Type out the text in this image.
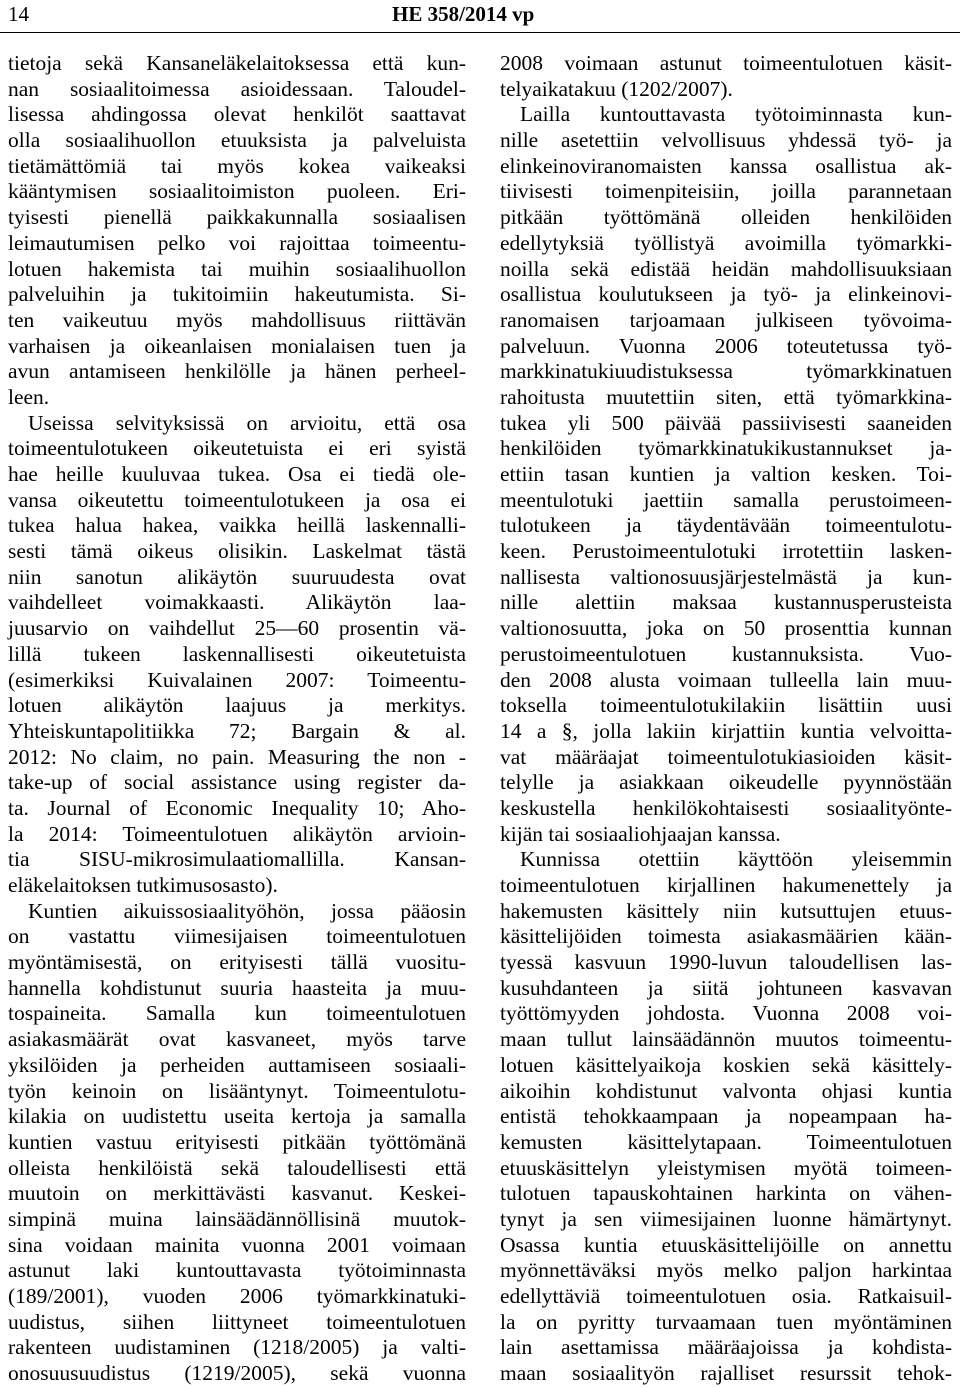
14	HE 358/2014 vp
tietoja sekä Kansaneläkelaitoksessa että kun-
nan sosiaalitoimessa asioidessaan. Taloudel-
lisessa ahdingossa olevat henkilöt saattavat
olla sosiaalihuollon etuuksista ja palveluista
tietämättömiä tai myös kokea vaikeaksi
kääntymisen sosiaalitoimiston puoleen. Eri-
tyisesti pienellä paikkakunnalla sosiaalisen
leimautumisen pelko voi rajoittaa toimeentu-
lotuen hakemista tai muihin sosiaalihuollon
palveluihin ja tukitoimiin hakeutumista. Si-
ten vaikeutuu myös mahdollisuus riittävän
varhaisen ja oikeanlaisen monialaisen tuen ja
avun antamiseen henkilölle ja hänen perheel-
leen.
Useissa selvityksissä on arvioitu, että osa
toimeentulotukeen oikeutetuista ei eri syistä
hae heille kuuluvaa tukea. Osa ei tiedä ole-
vansa oikeutettu toimeentulotukeen ja osa ei
tukea halua hakea, vaikka heillä laskennalli-
sesti tämä oikeus olisikin. Laskelmat tästä
niin sanotun alikäytön suuruudesta ovat
vaihdelleet voimakkaasti. Alikäytön laa-
juusarvio on vaihdellut 25—60 prosentin vä-
lillä tukeen laskennallisesti oikeutetuista
(esimerkiksi Kuivalainen 2007: Toimeentu-
lotuen alikäytön laajuus ja merkitys.
Yhteiskuntapolitiikka 72; Bargain & al.
2012: No claim, no pain. Measuring the non -
take-up of social assistance using register da-
ta. Journal of Economic Inequality 10; Aho-
la 2014: Toimeentulotuen alikäytön arvioin-
tia SISU-mikrosimulaatiomallilla. Kansan-
eläkelaitoksen tutkimusosasto).
Kuntien aikuissosiaalityöhön, jossa pääosin
on vastattu viimesijaisen toimeentulotuen
myöntämisestä, on erityisesti tällä vuositu-
hannella kohdistunut suuria haasteita ja muu-
tospaineita. Samalla kun toimeentulotuen
asiakasmäärät ovat kasvaneet, myös tarve
yksilöiden ja perheiden auttamiseen sosiaali-
työn keinoin on lisääntynyt. Toimeentulotu-
kilakia on uudistettu useita kertoja ja samalla
kuntien vastuu erityisesti pitkään työttömänä
olleista henkilöistä sekä taloudellisesti että
muutoin on merkittävästi kasvanut. Keskei-
simpinä muina lainsäädännöllisinä muutok-
sina voidaan mainita vuonna 2001 voimaan
astunut laki kuntouttavasta työtoiminnasta
(189/2001), vuoden 2006 työmarkkinatuki-
uudistus, siihen liittyneet toimeentulotuen
rakenteen uudistaminen (1218/2005) ja valti-
onosuusuudistus (1219/2005), sekä vuonna
2008 voimaan astunut toimeentulotuen käsit-
telyaikatakuu (1202/2007).
Lailla kuntouttavasta työtoiminnasta kun-
nille asetettiin velvollisuus yhdessä työ- ja
elinkeinoviranomaisten kanssa osallistua ak-
tiivisesti toimenpiteisiin, joilla parannetaan
pitkään työttömänä olleiden henkilöiden
edellytyksiä työllistyä avoimilla työmarkki-
noilla sekä edistää heidän mahdollisuuksiaan
osallistua koulutukseen ja työ- ja elinkeinovi-
ranomaisen tarjoamaan julkiseen työvoima-
palveluun. Vuonna 2006 toteutetussa työ-
markkinatukiuudistuksessa työmarkkinatuen
rahoitusta muutettiin siten, että työmarkkina-
tukea yli 500 päivää passiivisesti saaneiden
henkilöiden työmarkkinatukikustannukset ja-
ettiin tasan kuntien ja valtion kesken. Toi-
meentulotuki jaettiin samalla perustoimeen-
tulotukeen ja täydentävään toimeentulotu-
keen. Perustoimeentulotuki irrotettiin lasken-
nallisesta valtionosuusjärjestelmästä ja kun-
nille alettiin maksaa kustannusperusteista
valtionosuutta, joka on 50 prosenttia kunnan
perustoimeentulotuen kustannuksista. Vuo-
den 2008 alusta voimaan tulleella lain muu-
toksella toimeentulotukilakiin lisättiin uusi
14 a §, jolla lakiin kirjattiin kuntia velvoitta-
vat määräajat toimeentulotukiasioiden käsit-
telylle ja asiakkaan oikeudelle pyynnöstään
keskustella henkilökohtaisesti sosiaalityönte-
kijän tai sosiaaliohjaajan kanssa.
Kunnissa otettiin käyttöön yleisemmin
toimeentulotuen kirjallinen hakumenettely ja
hakemusten käsittely niin kutsuttujen etuus-
käsittelijöiden toimesta asiakasmäärien kään-
tyessä kasvuun 1990-luvun taloudellisen las-
kusuhdanteen ja siitä johtuneen kasvavan
työttömyyden johdosta. Vuonna 2008 voi-
maan tullut lainsäädännön muutos toimeentu-
lotuen käsittelyaikoja koskien sekä käsittely-
aikoihin kohdistunut valvonta ohjasi kuntia
entistä tehokkaampaan ja nopeampaan ha-
kemusten käsittelytapaan. Toimeentulotuen
etuuskäsittelyn yleistymisen myötä toimeen-
tulotuen tapauskohtainen harkinta on vähen-
tynyt ja sen viimesijainen luonne hämärtynyt.
Osassa kuntia etuuskäsittelijöille on annettu
myönnettäväksi myös melko paljon harkintaa
edellyttäviä toimeentulotuen osia. Ratkaisuil-
la on pyritty turvaamaan tuen myöntäminen
lain asettamissa määräajoissa ja kohdista-
maan sosiaalityön rajalliset resurssit tehok-
